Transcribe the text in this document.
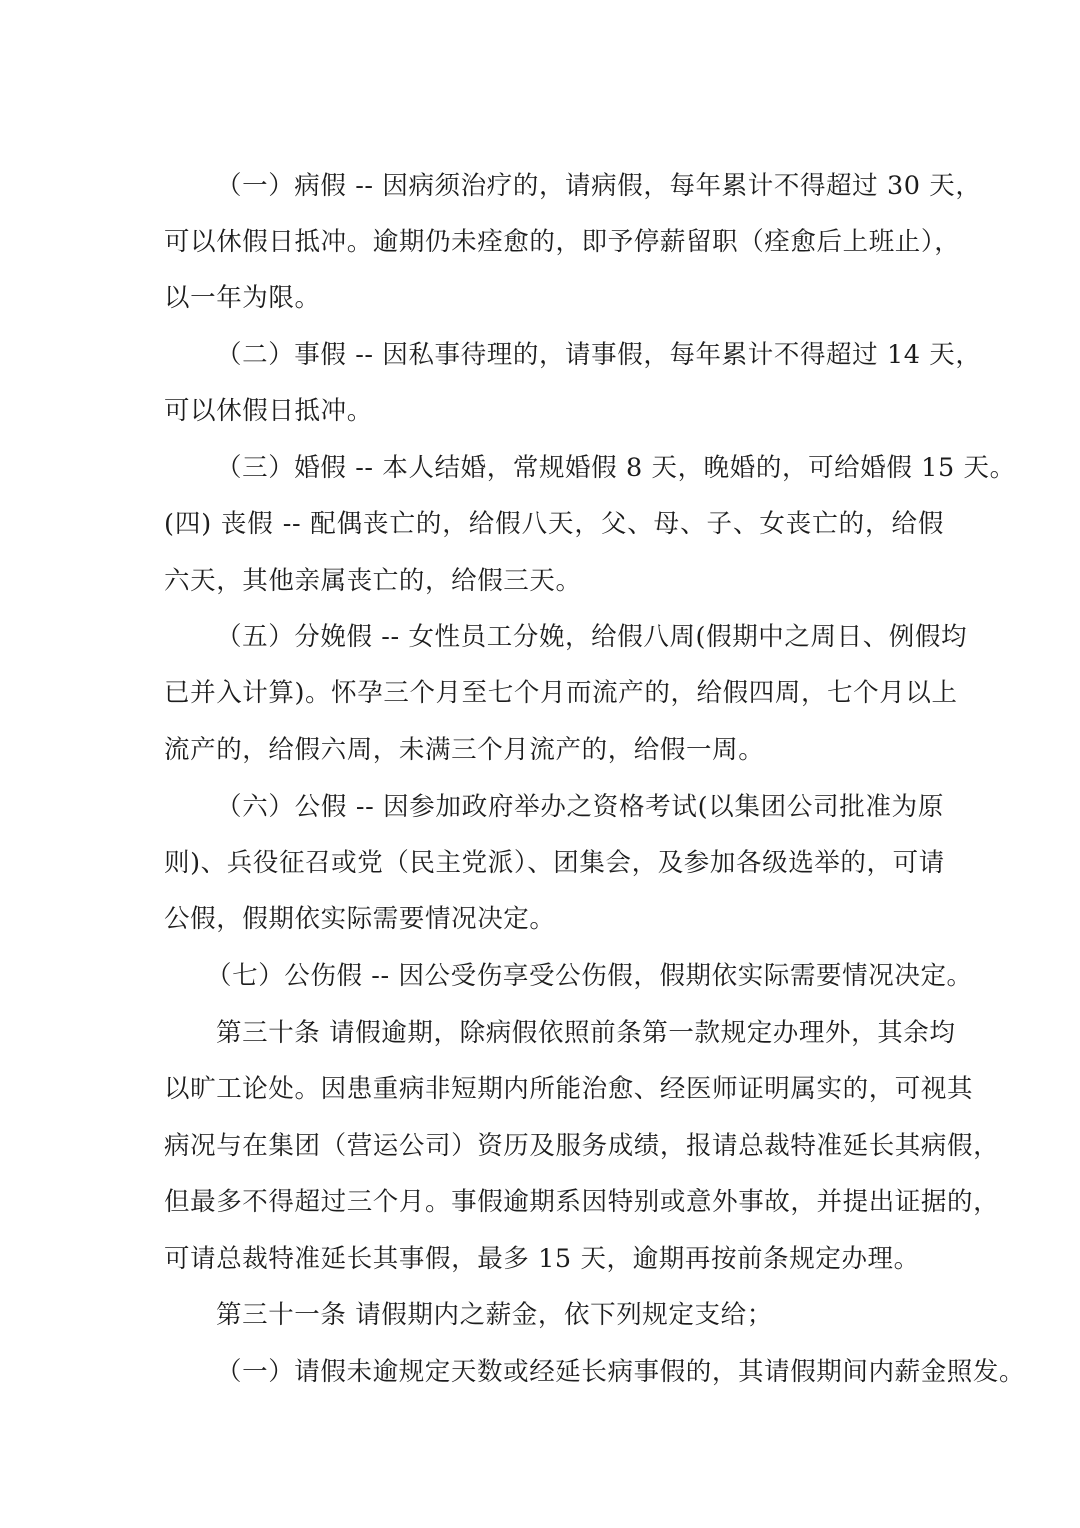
（一）病假 -- 因病须治疗的，请病假，每年累计不得超过 30 天，
可以休假日抵冲。逾期仍未痊愈的，即予停薪留职（痊愈后上班止），
以一年为限。
（二）事假 -- 因私事待理的，请事假，每年累计不得超过 14 天，
可以休假日抵冲。
（三）婚假 -- 本人结婚，常规婚假 8 天，晚婚的，可给婚假 15 天。
(四) 丧假 -- 配偶丧亡的，给假八天，父、母、子、女丧亡的，给假
六天，其他亲属丧亡的，给假三天。
（五）分娩假 -- 女性员工分娩，给假八周(假期中之周日、例假均
已并入计算)。怀孕三个月至七个月而流产的，给假四周，七个月以上
流产的，给假六周，未满三个月流产的，给假一周。
（六）公假 -- 因参加政府举办之资格考试(以集团公司批准为原
则)、兵役征召或党（民主党派）、团集会，及参加各级选举的，可请
公假，假期依实际需要情况决定。
（七）公伤假 -- 因公受伤享受公伤假，假期依实际需要情况决定。
第三十条 请假逾期，除病假依照前条第一款规定办理外，其余均
以旷工论处。因患重病非短期内所能治愈、经医师证明属实的，可视其
病况与在集团（营运公司）资历及服务成绩，报请总裁特准延长其病假，
但最多不得超过三个月。事假逾期系因特别或意外事故，并提出证据的，
可请总裁特准延长其事假，最多 15 天，逾期再按前条规定办理。
第三十一条 请假期内之薪金，依下列规定支给；
（一）请假未逾规定天数或经延长病事假的，其请假期间内薪金照发。
